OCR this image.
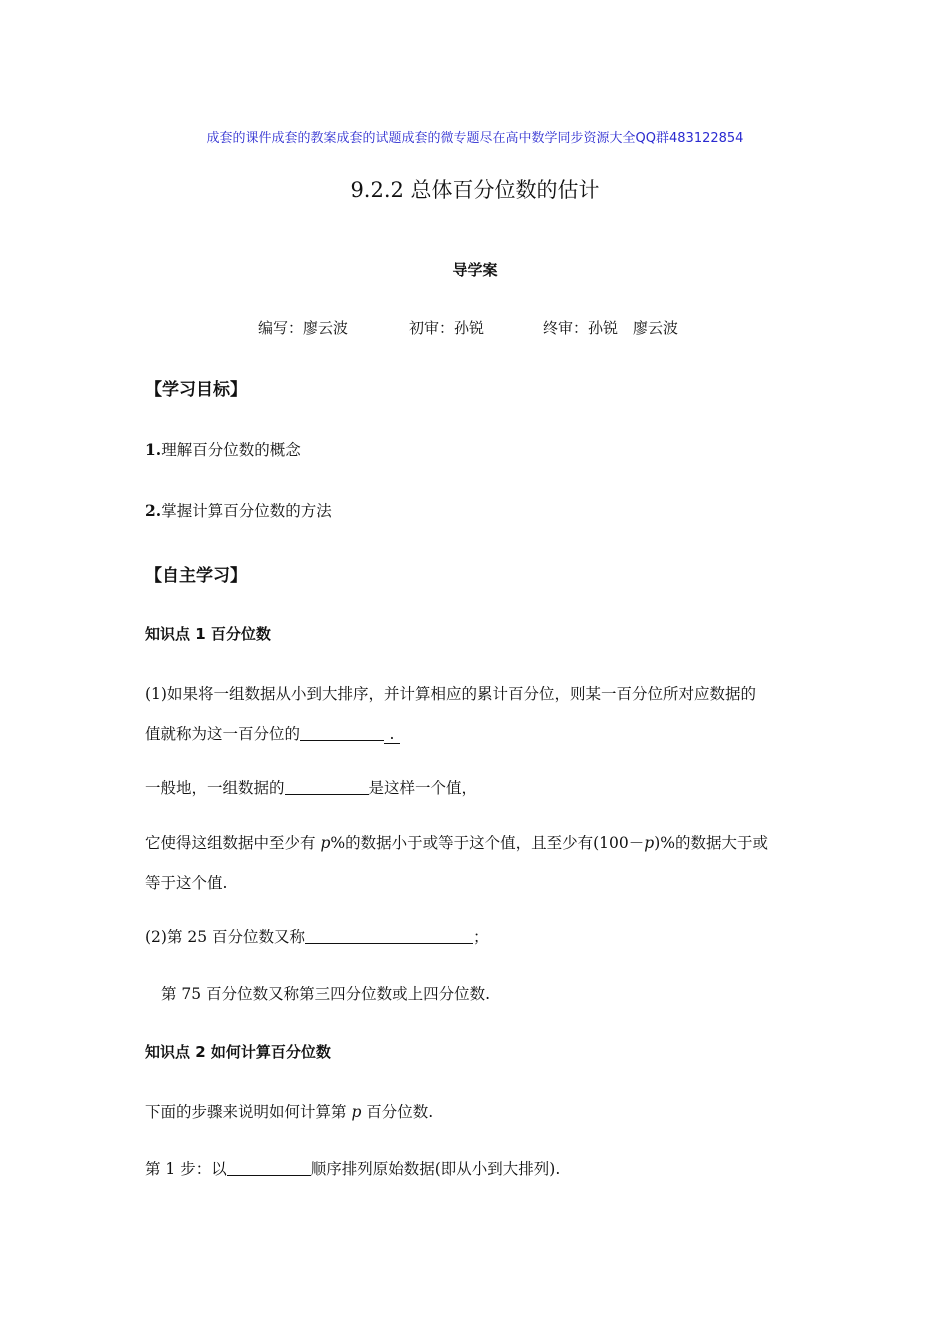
成套的课件成套的教案成套的试题成套的微专题尽在高中数学同步资源大全QQ群483122854
9.2.2 总体百分位数的估计
导学案
编写：廖云波	初审：孙锐	终审：孙锐　廖云波
【学习目标】
1.理解百分位数的概念
2.掌握计算百分位数的方法
【自主学习】
知识点 1 百分位数
(1)如果将一组数据从小到大排序，并计算相应的累计百分位，则某一百分位所对应数据的
值就称为这一百分位的	.
一般地，一组数据的	是这样一个值，
它使得这组数据中至少有 p%的数据小于或等于这个值，且至少有(100－p)%的数据大于或
等于这个值.
(2)第 25 百分位数又称	；
第 75 百分位数又称第三四分位数或上四分位数.
知识点 2 如何计算百分位数
下面的步骤来说明如何计算第 p 百分位数.
第 1 步：以	顺序排列原始数据(即从小到大排列).
